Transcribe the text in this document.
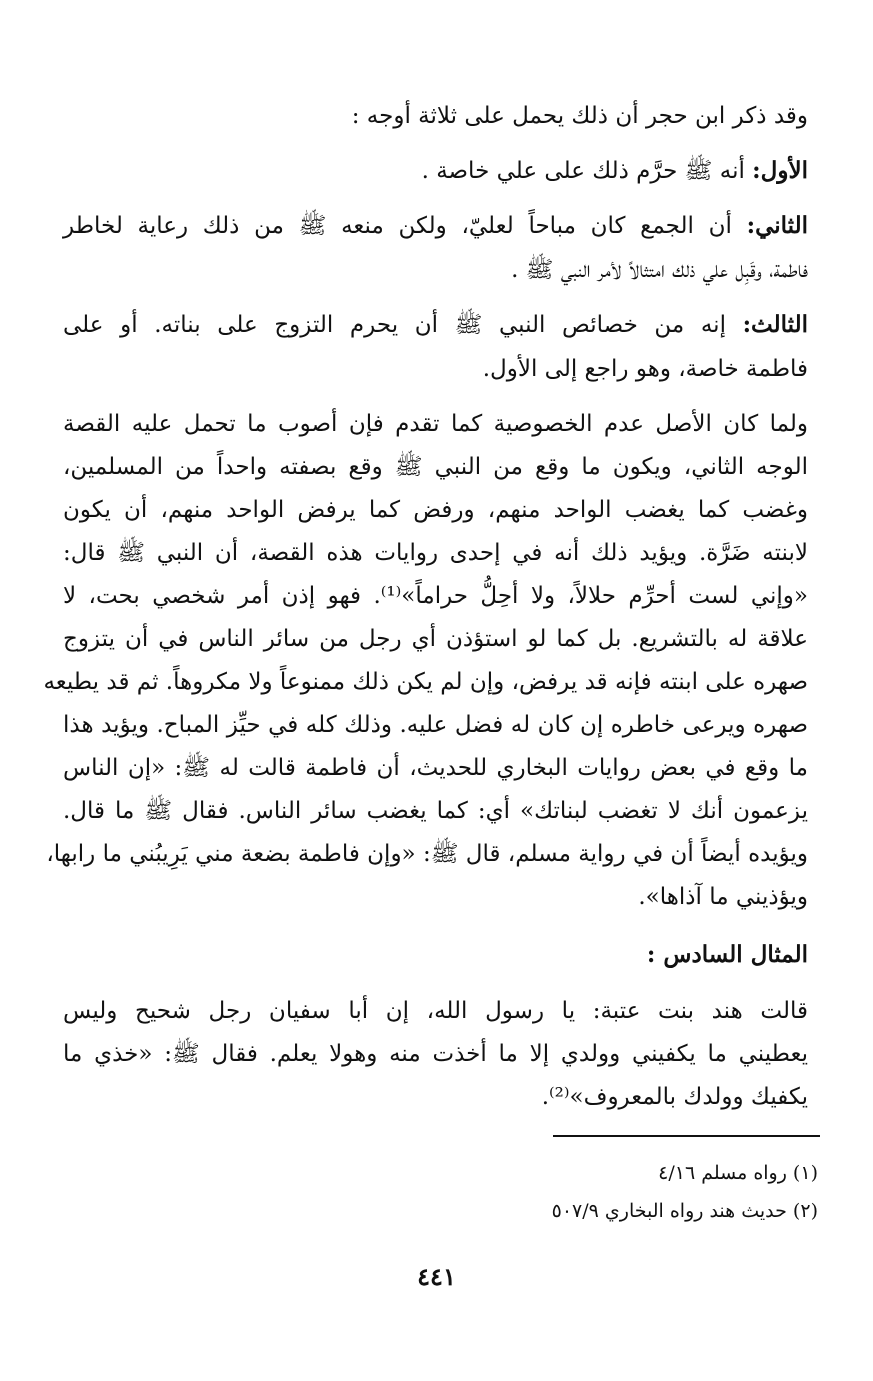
وقد ذكر ابن حجر أن ذلك يحمل على ثلاثة أوجه :
الأول: أنه ﷺ حرَّم ذلك على علي خاصة .
الثاني: أن الجمع كان مباحاً لعليّ، ولكن منعه ﷺ من ذلك رعاية لخاطر
فاطمة، وقَبِل علي ذلك امتثالاً لأمر النبي ﷺ .
الثالث: إنه من خصائص النبي ﷺ أن يحرم التزوج على بناته. أو على
فاطمة خاصة، وهو راجع إلى الأول.
ولما كان الأصل عدم الخصوصية كما تقدم فإن أصوب ما تحمل عليه القصة
الوجه الثاني، ويكون ما وقع من النبي ﷺ وقع بصفته واحداً من المسلمين،
وغضب كما يغضب الواحد منهم، ورفض كما يرفض الواحد منهم، أن يكون
لابنته ضَرَّة. ويؤيد ذلك أنه في إحدى روايات هذه القصة، أن النبي ﷺ قال:
«وإني لست أحرِّم حلالاً، ولا أحِلُّ حراماً»⁽¹⁾. فهو إذن أمر شخصي بحت، لا
علاقة له بالتشريع. بل كما لو استؤذن أي رجل من سائر الناس في أن يتزوج
صهره على ابنته فإنه قد يرفض، وإن لم يكن ذلك ممنوعاً ولا مكروهاً. ثم قد يطيعه
صهره ويرعى خاطره إن كان له فضل عليه. وذلك كله في حيِّز المباح. ويؤيد هذا
ما وقع في بعض روايات البخاري للحديث، أن فاطمة قالت له ﷺ: «إن الناس
يزعمون أنك لا تغضب لبناتك» أي: كما يغضب سائر الناس. فقال ﷺ ما قال.
ويؤيده أيضاً أن في رواية مسلم، قال ﷺ: «وإن فاطمة بضعة مني يَرِيبُني ما رابها،
ويؤذيني ما آذاها».
المثال السادس :
قالت هند بنت عتبة: يا رسول الله، إن أبا سفيان رجل شحيح وليس
يعطيني ما يكفيني وولدي إلا ما أخذت منه وهولا يعلم. فقال ﷺ: «خذي ما
يكفيك وولدك بالمعروف»⁽²⁾.
(١) رواه مسلم ٤/١٦
(٢) حديث هند رواه البخاري ٥٠٧/٩
٤٤١
